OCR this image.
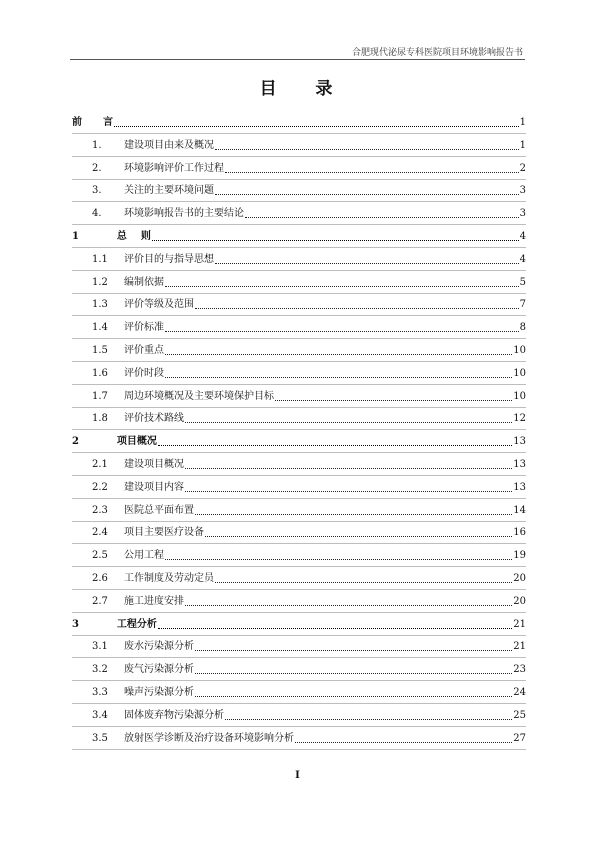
合肥现代泌尿专科医院项目环境影响报告书
目    录
前	言	1
1.	建设项目由来及概况	1
2.	环境影响评价工作过程	2
3.	关注的主要环境问题	3
4.	环境影响报告书的主要结论	3
1	总    则	4
1.1	评价目的与指导思想	4
1.2	编制依据	5
1.3	评价等级及范围	7
1.4	评价标准	8
1.5	评价重点	10
1.6	评价时段	10
1.7	周边环境概况及主要环境保护目标	10
1.8	评价技术路线	12
2	项目概况	13
2.1	建设项目概况	13
2.2	建设项目内容	13
2.3	医院总平面布置	14
2.4	项目主要医疗设备	16
2.5	公用工程	19
2.6	工作制度及劳动定员	20
2.7	施工进度安排	20
3	工程分析	21
3.1	废水污染源分析	21
3.2	废气污染源分析	23
3.3	噪声污染源分析	24
3.4	固体废弃物污染源分析	25
3.5	放射医学诊断及治疗设备环境影响分析	27
I
